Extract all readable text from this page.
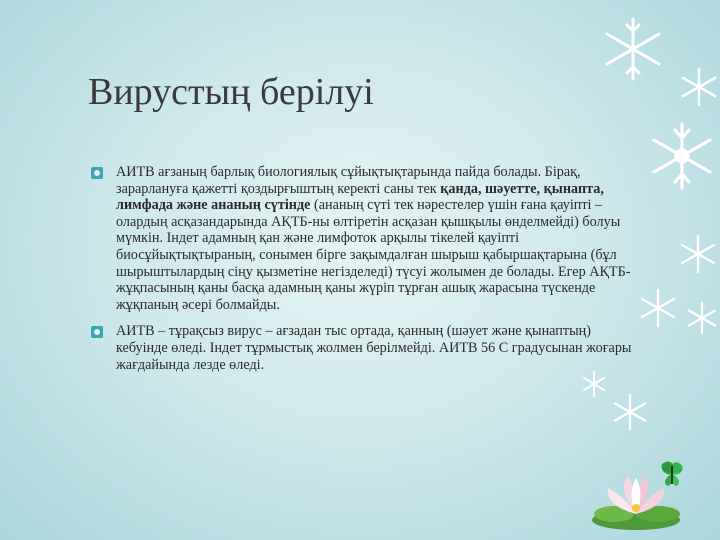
Вирустың берілуі

АИТВ ағзаның барлық биологиялық сұйықтықтарында пайда болады. Бірақ, зарарлануға қажетті қоздырғыштың керекті саны тек қанда, шәуетте, қынапта, лимфада және ананың сүтінде (ананың сүті тек нәрестелер үшін ғана қауіпті – олардың асқазандарында АҚТБ-ны өлтіретін асқазан қышқылы өнделмейді) болуы мүмкін. Індет адамның қан және лимфоток арқылы тікелей қауіпті биосұйықтықтыраның, сонымен бірге зақымдалған шырыш қабыршақтарына (бұл шырыштылардың сіңу қызметіне негізделеді) түсуі жолымен де болады. Егер АҚТБ-жұқпасының қаны басқа адамның қаны жүріп тұрған ашық жарасына түскенде жұқпаның әсері болмайды.

АИТВ – тұрақсыз вирус – ағзадан тыс ортада, қанның (шәует және қынаптың) кебуінде өледі. Індет тұрмыстық жолмен берілмейді. АИТВ 56 С градусынан жоғары жағдайында лезде өледі.
